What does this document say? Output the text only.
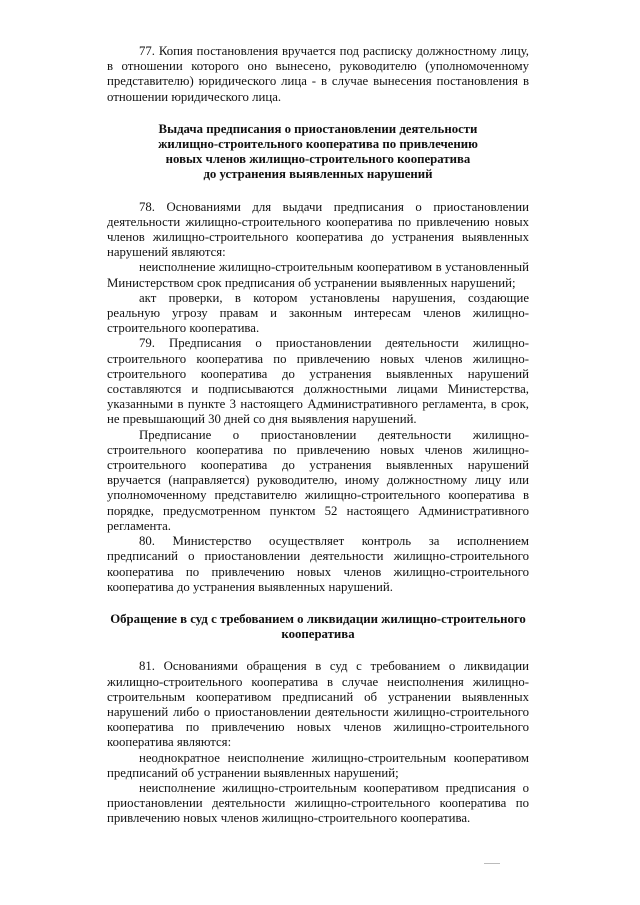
77. Копия постановления вручается под расписку должностному лицу, в отношении которого оно вынесено, руководителю (уполномоченному представителю) юридического лица - в случае вынесения постановления в отношении юридического лица.

Выдача предписания о приостановлении деятельности
жилищно-строительного кооператива по привлечению
новых членов жилищно-строительного кооператива
до устранения выявленных нарушений

78. Основаниями для выдачи предписания о приостановлении деятельности жилищно-строительного кооператива по привлечению новых членов жилищно-строительного кооператива до устранения выявленных нарушений являются:

неисполнение жилищно-строительным кооперативом в установленный Министерством срок предписания об устранении выявленных нарушений;

акт проверки, в котором установлены нарушения, создающие реальную угрозу правам и законным интересам членов жилищно-строительного кооператива.

79. Предписания о приостановлении деятельности жилищно-строительного кооператива по привлечению новых членов жилищно-строительного кооператива до устранения выявленных нарушений составляются и подписываются должностными лицами Министерства, указанными в пункте 3 настоящего Административного регламента, в срок, не превышающий 30 дней со дня выявления нарушений.

Предписание о приостановлении деятельности жилищно-строительного кооператива по привлечению новых членов жилищно-строительного кооператива до устранения выявленных нарушений вручается (направляется) руководителю, иному должностному лицу или уполномоченному представителю жилищно-строительного кооператива в порядке, предусмотренном пунктом 52 настоящего Административного регламента.

80. Министерство осуществляет контроль за исполнением предписаний о приостановлении деятельности жилищно-строительного кооператива по привлечению новых членов жилищно-строительного кооператива до устранения выявленных нарушений.

Обращение в суд с требованием о ликвидации жилищно-строительного
кооператива

81. Основаниями обращения в суд с требованием о ликвидации жилищно-строительного кооператива в случае неисполнения жилищно-строительным кооперативом предписаний об устранении выявленных нарушений либо о приостановлении деятельности жилищно-строительного кооператива по привлечению новых членов жилищно-строительного кооператива являются:

неоднократное неисполнение жилищно-строительным кооперативом предписаний об устранении выявленных нарушений;

неисполнение жилищно-строительным кооперативом предписания о приостановлении деятельности жилищно-строительного кооператива по привлечению новых членов жилищно-строительного кооператива.
